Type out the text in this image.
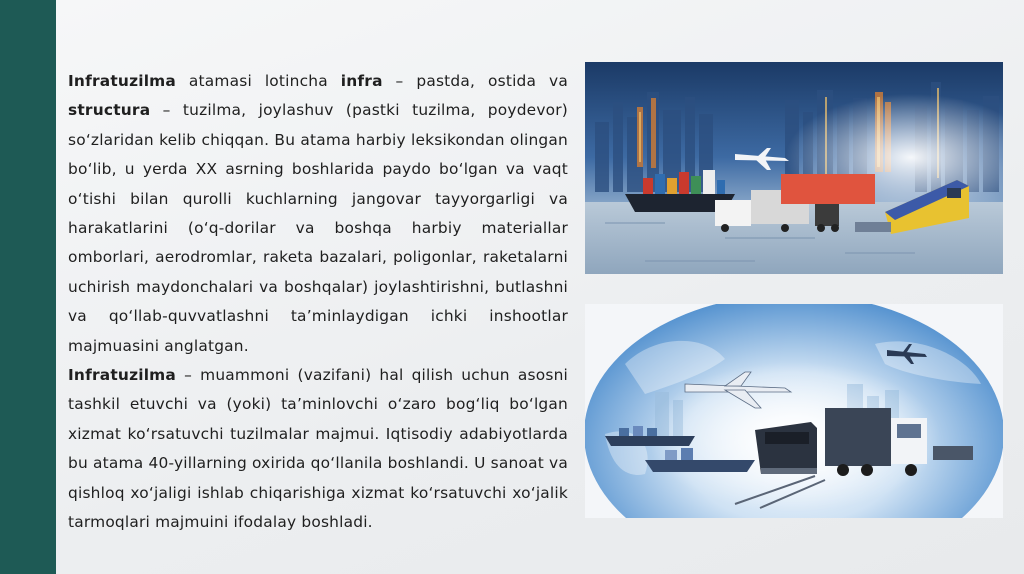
Infratuzilma atamasi lotincha infra – pastda, ostida va structura – tuzilma, joylashuv (pastki tuzilma, poydevor) so‘zlaridan kelib chiqqan. Bu atama harbiy leksikondan olingan bo‘lib, u yerda XX asrning boshlarida paydo bo‘lgan va vaqt o‘tishi bilan qurolli kuchlarning jangovar tayyorgarligi va harakatlarini (o‘q-dorilar va boshqa harbiy materiallar omborlari, aerodromlar, raketa bazalari, poligonlar, raketalarni uchirish maydonchalari va boshqalar) joylashtirishni, butlashni va qo‘llab-quvvatlashni ta’minlaydigan ichki inshootlar majmuasini anglatgan.

Infratuzilma – muammoni (vazifani) hal qilish uchun asosni tashkil etuvchi va (yoki) ta’minlovchi o‘zaro bog‘liq bo‘lgan xizmat ko‘rsatuvchi tuzilmalar majmui. Iqtisodiy adabiyotlarda bu atama 40-yillarning oxirida qo‘llanila boshlandi. U sanoat va qishloq xo‘jaligi ishlab chiqarishiga xizmat ko‘rsatuvchi xo‘jalik tarmoqlari majmuini ifodalay boshladi.
